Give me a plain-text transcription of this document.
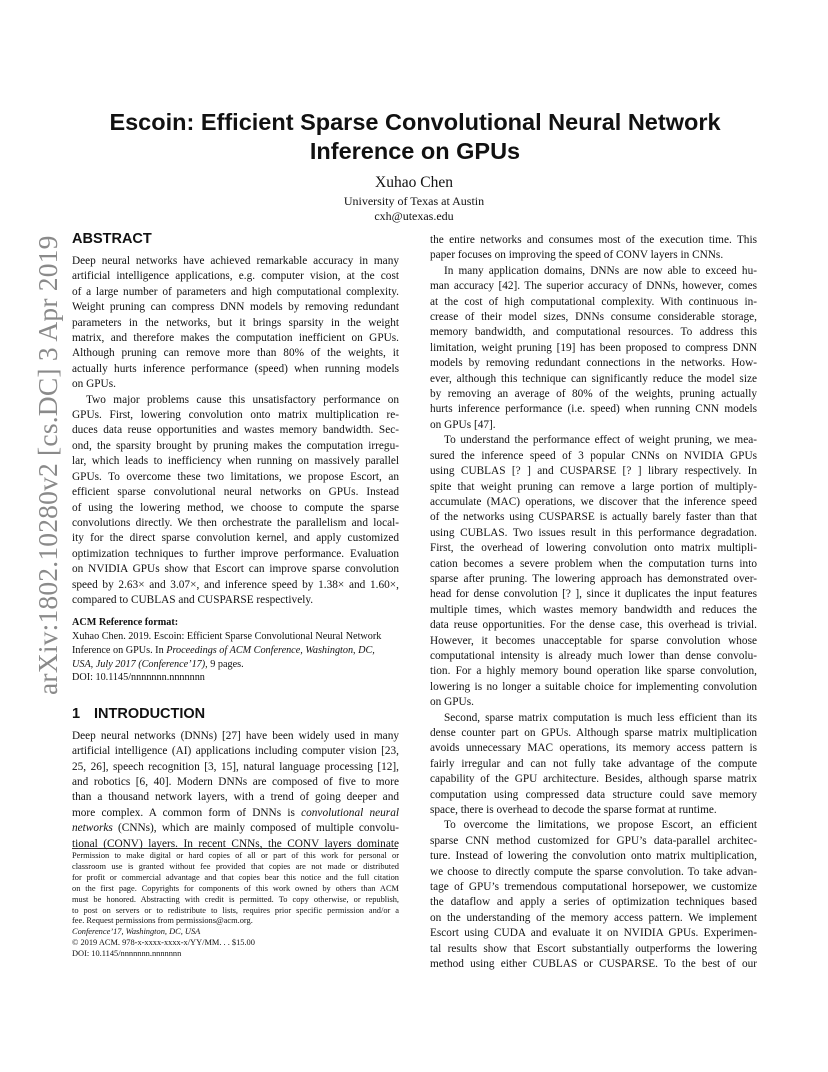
arXiv:1802.10280v2 [cs.DC] 3 Apr 2019
Escoin: Efficient Sparse Convolutional Neural Network
Inference on GPUs
Xuhao Chen
University of Texas at Austin
cxh@utexas.edu
ABSTRACT

Deep neural networks have achieved remarkable accuracy in many
artificial intelligence applications, e.g. computer vision, at the cost
of a large number of parameters and high computational complexity.
Weight pruning can compress DNN models by removing redundant
parameters in the networks, but it brings sparsity in the weight
matrix, and therefore makes the computation inefficient on GPUs.
Although pruning can remove more than 80% of the weights, it
actually hurts inference performance (speed) when running models
on GPUs.

Two major problems cause this unsatisfactory performance on
GPUs. First, lowering convolution onto matrix multiplication re-
duces data reuse opportunities and wastes memory bandwidth. Sec-
ond, the sparsity brought by pruning makes the computation irregu-
lar, which leads to inefficiency when running on massively parallel
GPUs. To overcome these two limitations, we propose Escort, an
efficient sparse convolutional neural networks on GPUs. Instead
of using the lowering method, we choose to compute the sparse
convolutions directly. We then orchestrate the parallelism and local-
ity for the direct sparse convolution kernel, and apply customized
optimization techniques to further improve performance. Evaluation
on NVIDIA GPUs show that Escort can improve sparse convolution
speed by 2.63× and 3.07×, and inference speed by 1.38× and 1.60×,
compared to CUBLAS and CUSPARSE respectively.

ACM Reference format:
Xuhao Chen. 2019. Escoin: Efficient Sparse Convolutional Neural Network
Inference on GPUs. In Proceedings of ACM Conference, Washington, DC,
USA, July 2017 (Conference’17), 9 pages.
DOI: 10.1145/nnnnnnn.nnnnnnn
1 INTRODUCTION

Deep neural networks (DNNs) [27] have been widely used in many
artificial intelligence (AI) applications including computer vision [23,
25, 26], speech recognition [3, 15], natural language processing [12],
and robotics [6, 40]. Modern DNNs are composed of five to more
than a thousand network layers, with a trend of going deeper and
more complex. A common form of DNNs is convolutional neural
networks (CNNs), which are mainly composed of multiple convolu-
tional (CONV) layers. In recent CNNs, the CONV layers dominate

Permission to make digital or hard copies of all or part of this work for personal or
classroom use is granted without fee provided that copies are not made or distributed
for profit or commercial advantage and that copies bear this notice and the full citation
on the first page. Copyrights for components of this work owned by others than ACM
must be honored. Abstracting with credit is permitted. To copy otherwise, or republish,
to post on servers or to redistribute to lists, requires prior specific permission and/or a
fee. Request permissions from permissions@acm.org.
Conference’17, Washington, DC, USA
© 2019 ACM. 978-x-xxxx-xxxx-x/YY/MM. . . $15.00
DOI: 10.1145/nnnnnnn.nnnnnnn

the entire networks and consumes most of the execution time. This
paper focuses on improving the speed of CONV layers in CNNs.

In many application domains, DNNs are now able to exceed hu-
man accuracy [42]. The superior accuracy of DNNs, however, comes
at the cost of high computational complexity. With continuous in-
crease of their model sizes, DNNs consume considerable storage,
memory bandwidth, and computational resources. To address this
limitation, weight pruning [19] has been proposed to compress DNN
models by removing redundant connections in the networks. How-
ever, although this technique can significantly reduce the model size
by removing an average of 80% of the weights, pruning actually
hurts inference performance (i.e. speed) when running CNN models
on GPUs [47].

To understand the performance effect of weight pruning, we mea-
sured the inference speed of 3 popular CNNs on NVIDIA GPUs
using CUBLAS [? ] and CUSPARSE [? ] library respectively. In
spite that weight pruning can remove a large portion of multiply-
accumulate (MAC) operations, we discover that the inference speed
of the networks using CUSPARSE is actually barely faster than that
using CUBLAS. Two issues result in this performance degradation.
First, the overhead of lowering convolution onto matrix multipli-
cation becomes a severe problem when the computation turns into
sparse after pruning. The lowering approach has demonstrated over-
head for dense convolution [? ], since it duplicates the input features
multiple times, which wastes memory bandwidth and reduces the
data reuse opportunities. For the dense case, this overhead is trivial.
However, it becomes unacceptable for sparse convolution whose
computational intensity is already much lower than dense convolu-
tion. For a highly memory bound operation like sparse convolution,
lowering is no longer a suitable choice for implementing convolution
on GPUs.

Second, sparse matrix computation is much less efficient than its
dense counter part on GPUs. Although sparse matrix multiplication
avoids unnecessary MAC operations, its memory access pattern is
fairly irregular and can not fully take advantage of the compute
capability of the GPU architecture. Besides, although sparse matrix
computation using compressed data structure could save memory
space, there is overhead to decode the sparse format at runtime.

To overcome the limitations, we propose Escort, an efficient
sparse CNN method customized for GPU’s data-parallel architec-
ture. Instead of lowering the convolution onto matrix multiplication,
we choose to directly compute the sparse convolution. To take advan-
tage of GPU’s tremendous computational horsepower, we customize
the dataflow and apply a series of optimization techniques based
on the understanding of the memory access pattern. We implement
Escort using CUDA and evaluate it on NVIDIA GPUs. Experimen-
tal results show that Escort substantially outperforms the lowering
method using either CUBLAS or CUSPARSE. To the best of our
